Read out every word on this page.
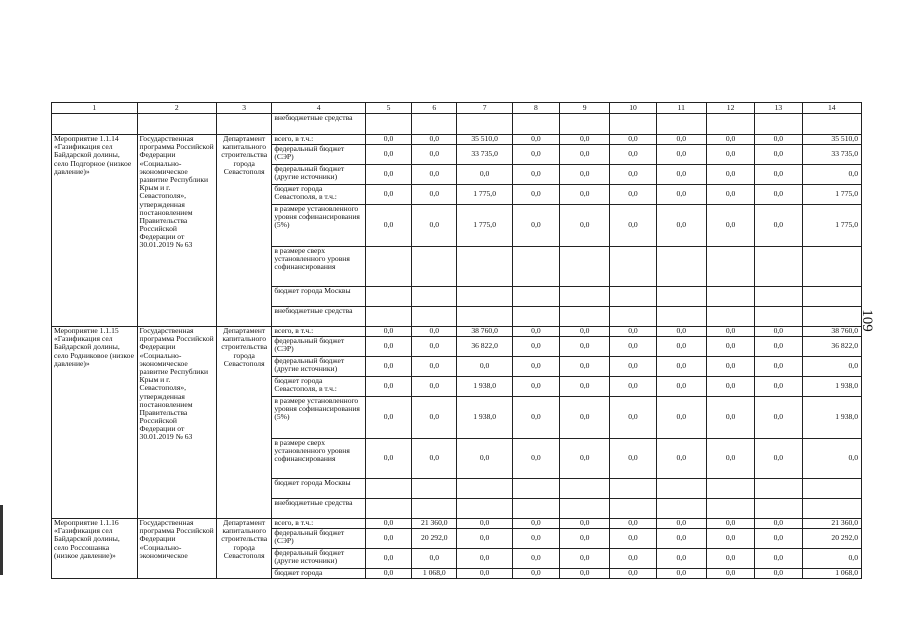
109
1	2	3	4	5	6	7	8	9	10	11	12	13	14
			внебюджетные средства										
Мероприятие 1.1.14 «Газификация сел Байдарской долины, село Подгорное (низкое давление)»	Государственная программа Российской Федерации «Социально-экономическое развитие Республики Крым и г. Севастополя», утвержденная постановлением Правительства Российской Федерации от 30.01.2019 № 63	Департамент капитального строительства города Севастополя	всего, в т.ч.:	0,0	0,0	35 510,0	0,0	0,0	0,0	0,0	0,0	0,0	35 510,0
			федеральный бюджет (СЭР)	0,0	0,0	33 735,0	0,0	0,0	0,0	0,0	0,0	0,0	33 735,0
			федеральный бюджет (другие источники)	0,0	0,0	0,0	0,0	0,0	0,0	0,0	0,0	0,0	0,0
			бюджет города Севастополя, в т.ч.:	0,0	0,0	1 775,0	0,0	0,0	0,0	0,0	0,0	0,0	1 775,0
			в размере установленного уровня софинансирования (5%)	0,0	0,0	1 775,0	0,0	0,0	0,0	0,0	0,0	0,0	1 775,0
			в размере сверх установленного уровня софинансирования										
			бюджет города Москвы										
			внебюджетные средства										
Мероприятие 1.1.15 «Газификация сел Байдарской долины, село Родниковое (низкое давление)»	Государственная программа Российской Федерации «Социально-экономическое развитие Республики Крым и г. Севастополя», утвержденная постановлением Правительства Российской Федерации от 30.01.2019 № 63	Департамент капитального строительства города Севастополя	всего, в т.ч.:	0,0	0,0	38 760,0	0,0	0,0	0,0	0,0	0,0	0,0	38 760,0
			федеральный бюджет (СЭР)	0,0	0,0	36 822,0	0,0	0,0	0,0	0,0	0,0	0,0	36 822,0
			федеральный бюджет (другие источники)	0,0	0,0	0,0	0,0	0,0	0,0	0,0	0,0	0,0	0,0
			бюджет города Севастополя, в т.ч.:	0,0	0,0	1 938,0	0,0	0,0	0,0	0,0	0,0	0,0	1 938,0
			в размере установленного уровня софинансирования (5%)	0,0	0,0	1 938,0	0,0	0,0	0,0	0,0	0,0	0,0	1 938,0
			в размере сверх установленного уровня софинансирования	0,0	0,0	0,0	0,0	0,0	0,0	0,0	0,0	0,0	0,0
			бюджет города Москвы										
			внебюджетные средства										
Мероприятие 1.1.16 «Газификация сел Байдарской долины, село Россошанка (низкое давление)»	Государственная программа Российской Федерации «Социально-экономическое	Департамент капитального строительства города Севастополя	всего, в т.ч.:	0,0	21 360,0	0,0	0,0	0,0	0,0	0,0	0,0	0,0	21 360,0
			федеральный бюджет (СЭР)	0,0	20 292,0	0,0	0,0	0,0	0,0	0,0	0,0	0,0	20 292,0
			федеральный бюджет (другие источники)	0,0	0,0	0,0	0,0	0,0	0,0	0,0	0,0	0,0	0,0
			бюджет города	0,0	1 068,0	0,0	0,0	0,0	0,0	0,0	0,0	0,0	1 068,0
